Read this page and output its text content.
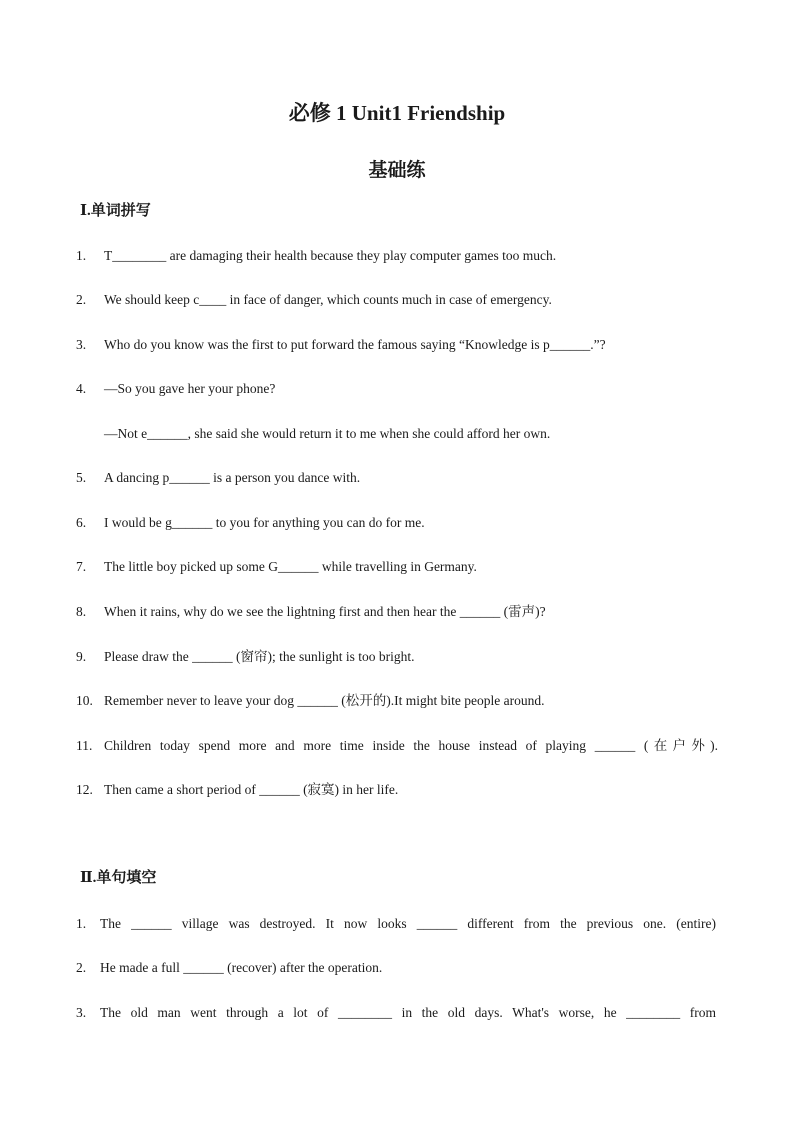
必修 1 Unit1 Friendship
基础练
Ⅰ.单词拼写
1. T________ are damaging their health because they play computer games too much.
2. We should keep c____ in face of danger, which counts much in case of emergency.
3. Who do you know was the first to put forward the famous saying “Knowledge is p______.”?
4. —So you gave her your phone?
—Not e______, she said she would return it to me when she could afford her own.
5. A dancing p______ is a person you dance with.
6. I would be g______ to you for anything you can do for me.
7. The little boy picked up some G______ while travelling in Germany.
8. When it rains, why do we see the lightning first and then hear the ______ (雷声)?
9. Please draw the ______ (窗帘); the sunlight is too bright.
10. Remember never to leave your dog ______ (松开的).It might bite people around.
11. Children today spend more and more time inside the house instead of playing ______ (在户外).
12. Then came a short period of ______ (寂寞) in her life.
Ⅱ.单句填空
1.	The ______ village was destroyed. It now looks ______ different from the previous one. (entire)
2. He made a full ______ (recover) after the operation.
3.	The old man went through a lot of ________ in the old days. What's worse, he ________ from
